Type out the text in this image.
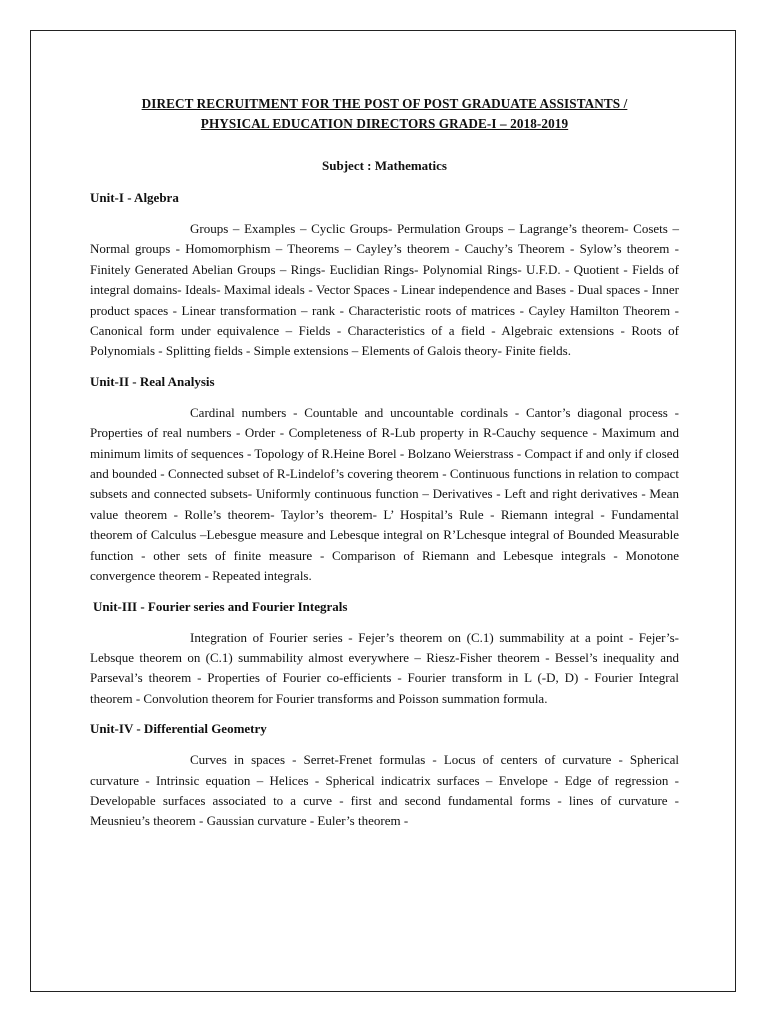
DIRECT RECRUITMENT FOR THE POST OF POST GRADUATE ASSISTANTS /
PHYSICAL EDUCATION DIRECTORS GRADE-I – 2018-2019

Subject : Mathematics

Unit-I - Algebra

Groups – Examples – Cyclic Groups- Permulation Groups – Lagrange’s theorem- Cosets – Normal groups - Homomorphism – Theorems – Cayley’s theorem - Cauchy’s Theorem - Sylow’s theorem - Finitely Generated Abelian Groups – Rings- Euclidian Rings- Polynomial Rings- U.F.D. - Quotient - Fields of integral domains- Ideals- Maximal ideals - Vector Spaces - Linear independence and Bases - Dual spaces - Inner product spaces - Linear transformation – rank - Characteristic roots of matrices - Cayley Hamilton Theorem - Canonical form under equivalence – Fields - Characteristics of a field - Algebraic extensions - Roots of Polynomials - Splitting fields - Simple extensions – Elements of Galois theory- Finite fields.

Unit-II - Real Analysis

Cardinal numbers - Countable and uncountable cordinals - Cantor’s diagonal process - Properties of real numbers - Order - Completeness of R-Lub property in R-Cauchy sequence - Maximum and minimum limits of sequences - Topology of R.Heine Borel - Bolzano Weierstrass - Compact if and only if closed and bounded - Connected subset of R-Lindelof’s covering theorem - Continuous functions in relation to compact subsets and connected subsets- Uniformly continuous function – Derivatives - Left and right derivatives - Mean value theorem - Rolle’s theorem- Taylor’s theorem- L’ Hospital’s Rule - Riemann integral - Fundamental theorem of Calculus –Lebesgue measure and Lebesque integral on R’Lchesque integral of Bounded Measurable function - other sets of finite measure - Comparison of Riemann and Lebesque integrals - Monotone convergence theorem - Repeated integrals.

Unit-III - Fourier series and Fourier Integrals

Integration of Fourier series - Fejer’s theorem on (C.1) summability at a point - Fejer’s-Lebsque theorem on (C.1) summability almost everywhere – Riesz-Fisher theorem - Bessel’s inequality and Parseval’s theorem - Properties of Fourier co-efficients - Fourier transform in L (-D, D) - Fourier Integral theorem - Convolution theorem for Fourier transforms and Poisson summation formula.

Unit-IV - Differential Geometry

Curves in spaces - Serret-Frenet formulas - Locus of centers of curvature - Spherical curvature - Intrinsic equation – Helices - Spherical indicatrix surfaces – Envelope - Edge of regression - Developable surfaces associated to a curve - first and second fundamental forms - lines of curvature - Meusnieu’s theorem - Gaussian curvature - Euler’s theorem -
